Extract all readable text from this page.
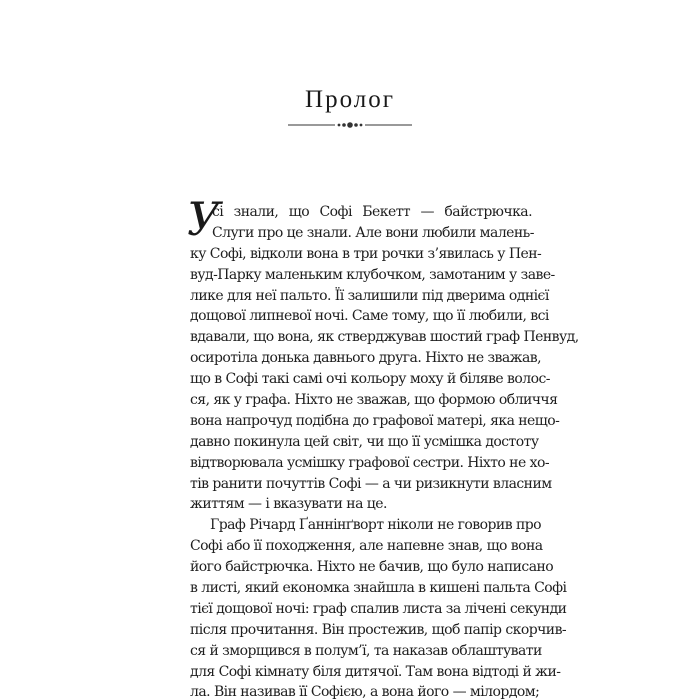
Пролог
У
сі знали, що Софі Бекетт — байстрючка.
Слуги про це знали. Але вони любили малень-
ку Софі, відколи вона в три рочки з’явилась у Пен-
вуд-Парку маленьким клубочком, замотаним у заве-
лике для неї пальто. Її залишили під дверима однієї
дощової липневої ночі. Саме тому, що її любили, всі
вдавали, що вона, як стверджував шостий граф Пенвуд,
осиротіла донька давнього друга. Ніхто не зважав,
що в Софі такі самі очі кольору моху й біляве волос-
ся, як у графа. Ніхто не зважав, що формою обличчя
вона напрочуд подібна до графової матері, яка нещо-
давно покинула цей світ, чи що її усмішка достоту
відтворювала усмішку графової сестри. Ніхто не хо-
тів ранити почуттів Софі — а чи ризикнути власним
життям — і вказувати на це.
Граф Річард Ґаннінґворт ніколи не говорив про
Софі або її походження, але напевне знав, що вона
його байстрючка. Ніхто не бачив, що було написано
в листі, який економка знайшла в кишені пальта Софі
тієї дощової ночі: граф спалив листа за лічені секунди
після прочитання. Він простежив, щоб папір скорчив-
ся й зморщився в полум’ї, та наказав облаштувати
для Софі кімнату біля дитячої. Там вона відтоді й жи-
ла. Він називав її Софією, а вона його — мілордом;
